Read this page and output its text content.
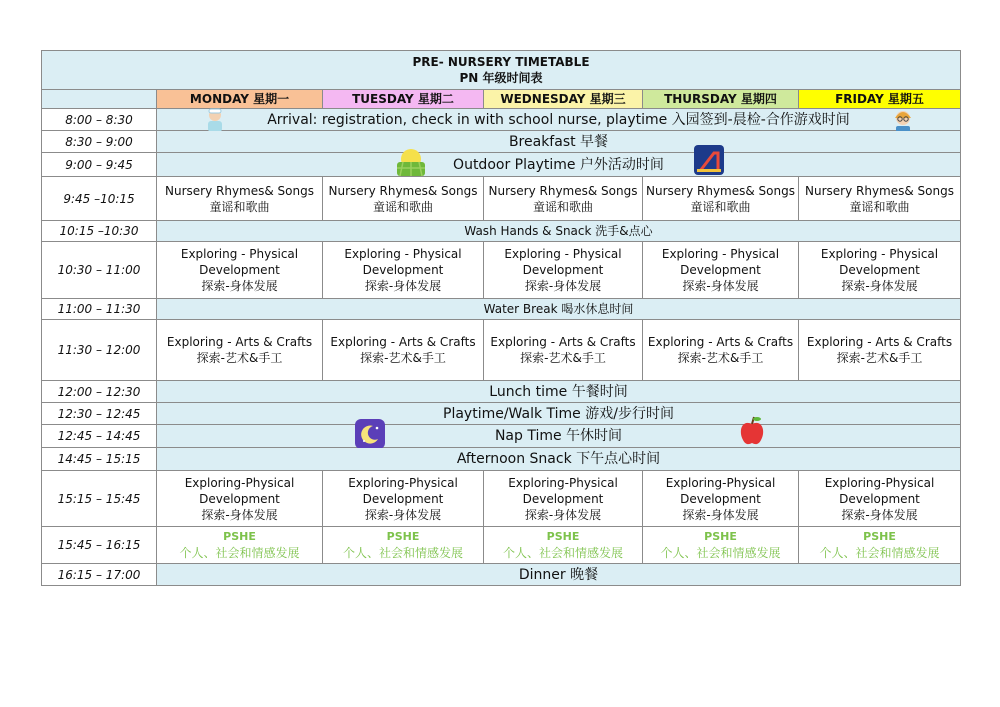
PRE- NURSERY TIMETABLE
PN 年级时间表					

	MONDAY 星期一	TUESDAY 星期二	WEDNESDAY 星期三	THURSDAY 星期四	FRIDAY 星期五
8:00 – 8:30	Arrival: registration, check in with school nurse, playtime 入园签到-晨检-合作游戏时间				

8:30 – 9:00	Breakfast 早餐				
9:00 – 9:45	Outdoor Playtime 户外活动时间				

9:45 –10:15	Nursery Rhymes& Songs
童谣和歌曲	Nursery Rhymes& Songs
童谣和歌曲	Nursery Rhymes& Songs
童谣和歌曲	Nursery Rhymes& Songs
童谣和歌曲	Nursery Rhymes& Songs
童谣和歌曲

10:15 –10:30	Wash Hands & Snack 洗手&点心				
10:30 – 11:00	Exploring - Physical
Development
探索-身体发展	Exploring - Physical
Development
探索-身体发展	Exploring - Physical
Development
探索-身体发展	Exploring - Physical
Development
探索-身体发展	Exploring - Physical
Development
探索-身体发展

11:00 – 11:30	Water Break 喝水休息时间				
11:30 – 12:00	Exploring - Arts & Crafts
探索-艺术&手工	Exploring - Arts & Crafts
探索-艺术&手工	Exploring - Arts & Crafts
探索-艺术&手工	Exploring - Arts & Crafts
探索-艺术&手工	Exploring - Arts & Crafts
探索-艺术&手工

12:00 – 12:30	Lunch time 午餐时间				
12:30 – 12:45	Playtime/Walk Time 游戏/步行时间				
12:45 – 14:45	Nap Time 午休时间				

14:45 – 15:15	Afternoon Snack 下午点心时间				
15:15 – 15:45	Exploring-Physical
Development
探索-身体发展	Exploring-Physical
Development
探索-身体发展	Exploring-Physical
Development
探索-身体发展	Exploring-Physical
Development
探索-身体发展	Exploring-Physical
Development
探索-身体发展

15:45 – 16:15	PSHE
个人、社会和情感发展	PSHE
个人、社会和情感发展	PSHE
个人、社会和情感发展	PSHE
个人、社会和情感发展	PSHE
个人、社会和情感发展

16:15 – 17:00	Dinner 晚餐				
